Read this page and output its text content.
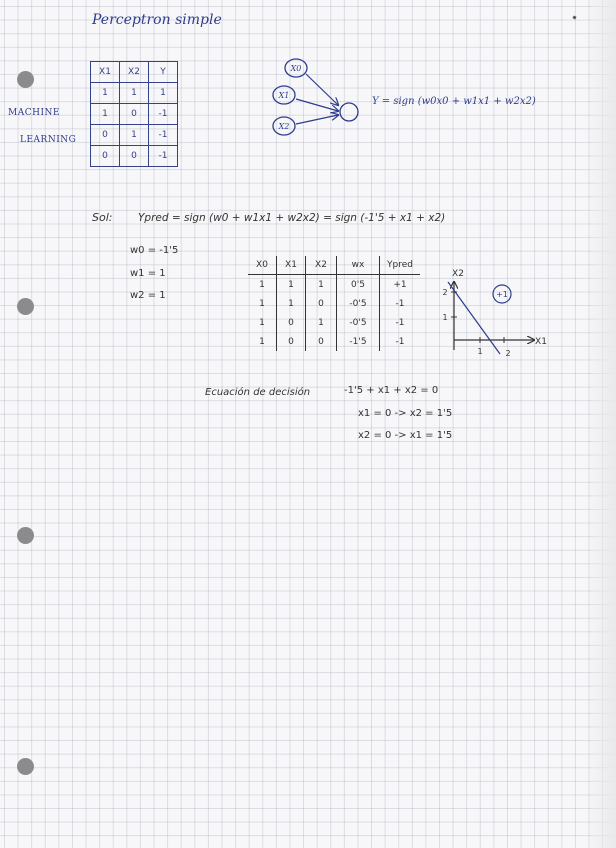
Perceptron simple
MACHINE
LEARNING
X1	X2	Y
1	1	1
1	0	-1
0	1	-1
0	0	-1
X0
X1
X2
Y = sign (w0x0 + w1x1 + w2x2)
Sol: Ypred = sign (w0 + w1x1 + w2x2) = sign (-1'5 + x1 + x2)
w0 = -1'5
w1 = 1
w2 = 1
X0	X1	X2	wx	Ypred
1	1	1	0'5	+1
1	1	0	-0'5	-1
1	0	1	-0'5	-1
1	0	0	-1'5	-1
X2
X1
2
1
1	2
+1
Ecuación de decisión	-1'5 + x1 + x2 = 0
x1 = 0 -> x2 = 1'5
x2 = 0 -> x1 = 1'5
